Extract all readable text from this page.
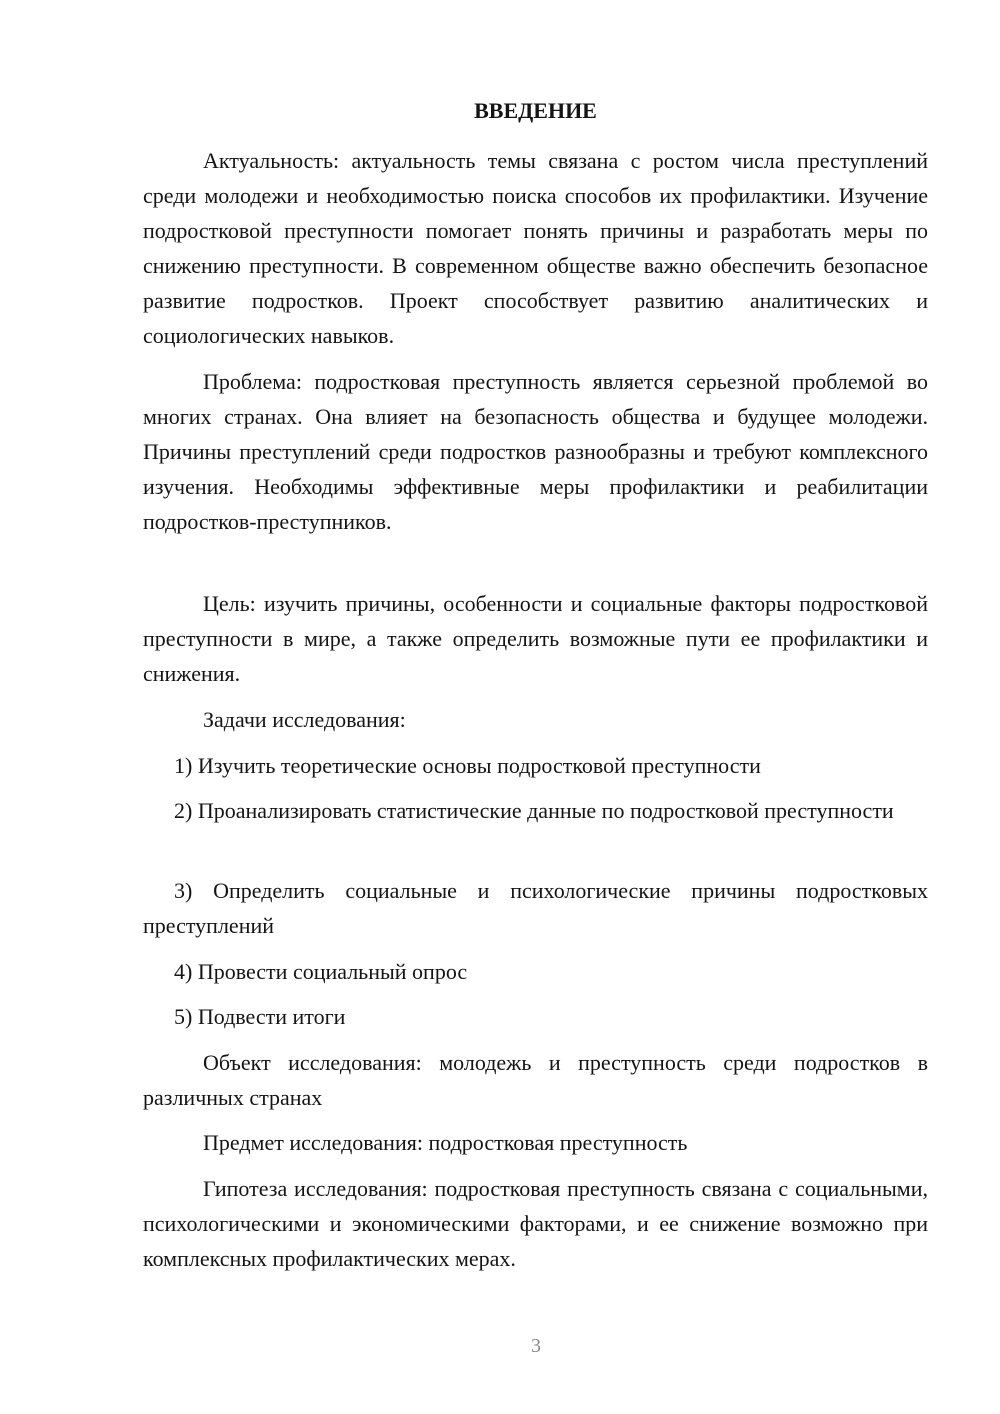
ВВЕДЕНИЕ

Актуальность: актуальность темы связана с ростом числа преступлений среди молодежи и необходимостью поиска способов их профилактики. Изучение подростковой преступности помогает понять причины и разработать меры по снижению преступности. В современном обществе важно обеспечить безопасное развитие подростков. Проект способствует развитию аналитических и социологических навыков.

Проблема: подростковая преступность является серьезной проблемой во многих странах. Она влияет на безопасность общества и будущее молодежи. Причины преступлений среди подростков разнообразны и требуют комплексного изучения. Необходимы эффективные меры профилактики и реабилитации подростков-преступников.

Цель: изучить причины, особенности и социальные факторы подростковой преступности в мире, а также определить возможные пути ее профилактики и снижения.

Задачи исследования:

1) Изучить теоретические основы подростковой преступности

2) Проанализировать статистические данные по подростковой преступности

3) Определить социальные и психологические причины подростковых преступлений

4) Провести социальный опрос

5) Подвести итоги

Объект исследования: молодежь и преступность среди подростков в различных странах

Предмет исследования: подростковая преступность

Гипотеза исследования: подростковая преступность связана с социальными, психологическими и экономическими факторами, и ее снижение возможно при комплексных профилактических мерах.

3
